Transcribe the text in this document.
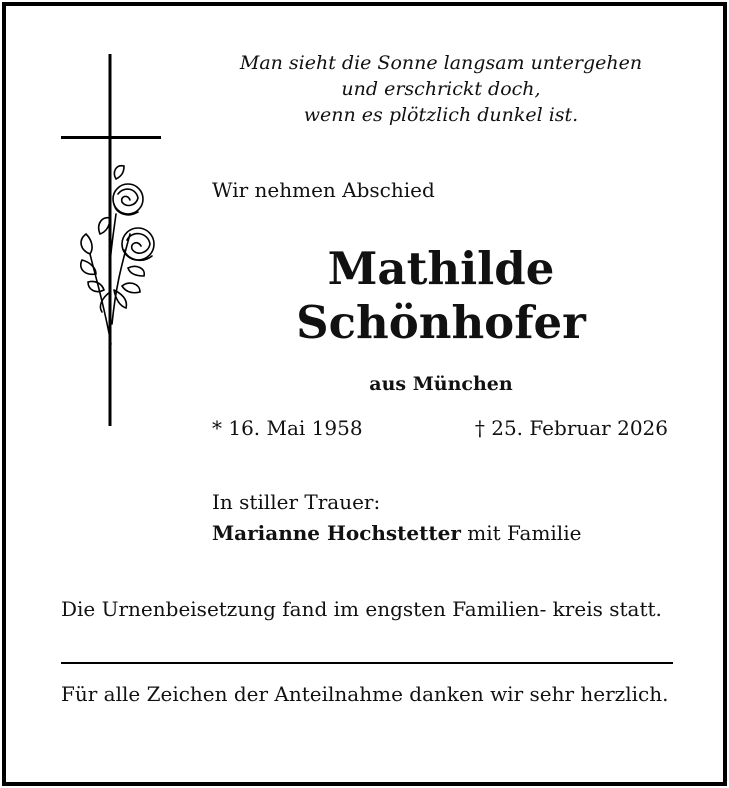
Man sieht die Sonne langsam untergehen
und erschrickt doch,
wenn es plötzlich dunkel ist.
Wir nehmen Abschied
Mathilde
Schönhofer
aus München
* 16. Mai 1958	† 25. Februar 2026
In stiller Trauer:
Marianne Hochstetter mit Familie
Die Urnenbeisetzung fand im engsten Familien- kreis statt.
Für alle Zeichen der Anteilnahme danken wir sehr herzlich.
